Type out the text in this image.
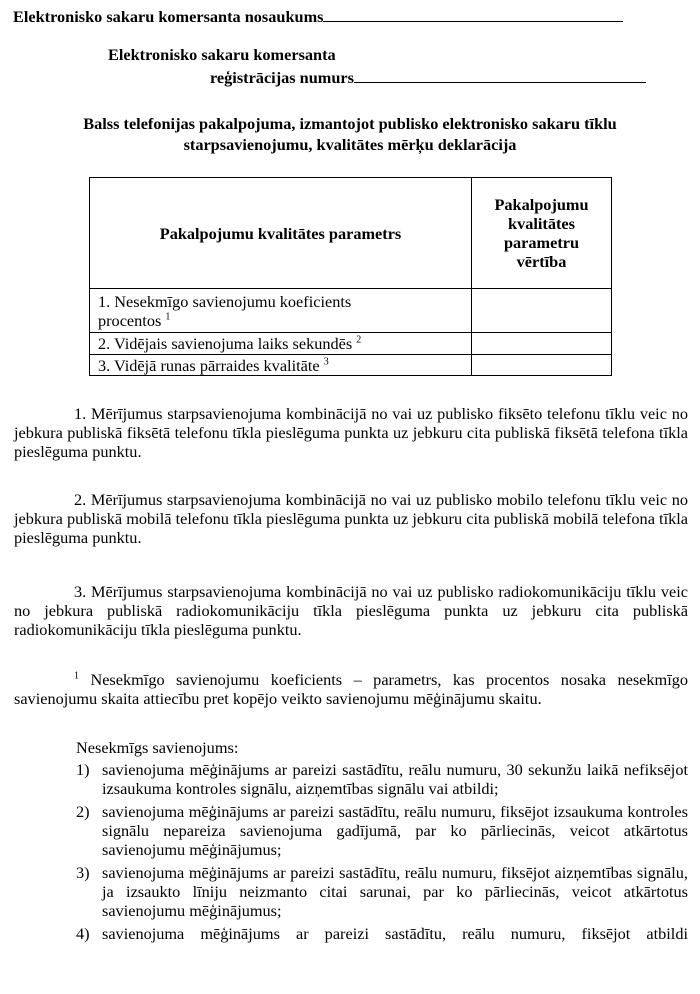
Elektronisko sakaru komersanta nosaukums
Elektronisko sakaru komersanta
reģistrācijas numurs
Balss telefonijas pakalpojuma, izmantojot publisko elektronisko sakaru tīklu
starpsavienojumu, kvalitātes mērķu deklarācija
Pakalpojumu kvalitātes parametrs	Pakalpojumu kvalitātes parametru vērtība
1. Nesekmīgo savienojumu koeficients procentos $^1$	
2. Vidējais savienojuma laiks sekundēs $^2$	
3. Vidējā runas pārraides kvalitāte $^3$	
1. Mērījumus starpsavienojuma kombinācijā no vai uz publisko fiksēto telefonu tīklu veic no jebkura publiskā fiksētā telefonu tīkla pieslēguma punkta uz jebkuru cita publiskā fiksētā telefona tīkla pieslēguma punktu.
2. Mērījumus starpsavienojuma kombinācijā no vai uz publisko mobilo telefonu tīklu veic no jebkura publiskā mobilā telefonu tīkla pieslēguma punkta uz jebkuru cita publiskā mobilā telefona tīkla pieslēguma punktu.
3. Mērījumus starpsavienojuma kombinācijā no vai uz publisko radiokomunikāciju tīklu veic no jebkura publiskā radiokomunikāciju tīkla pieslēguma punkta uz jebkuru cita publiskā radiokomunikāciju tīkla pieslēguma punktu.
$^1$ Nesekmīgo savienojumu koeficients – parametrs, kas procentos nosaka nesekmīgo savienojumu skaita attiecību pret kopējo veikto savienojumu mēģinājumu skaitu.
Nesekmīgs savienojums:
1) savienojuma mēģinājums ar pareizi sastādītu, reālu numuru, 30 sekunžu laikā nefiksējot izsaukuma kontroles signālu, aizņemtības signālu vai atbildi;
2) savienojuma mēģinājums ar pareizi sastādītu, reālu numuru, fiksējot izsaukuma kontroles signālu nepareiza savienojuma gadījumā, par ko pārliecinās, veicot atkārtotus savienojumu mēģinājumus;
3) savienojuma mēģinājums ar pareizi sastādītu, reālu numuru, fiksējot aizņemtības signālu, ja izsaukto līniju neizmanto citai sarunai, par ko pārliecinās, veicot atkārtotus savienojumu mēģinājumus;
4) savienojuma mēģinājums ar pareizi sastādītu, reālu numuru, fiksējot atbildi
